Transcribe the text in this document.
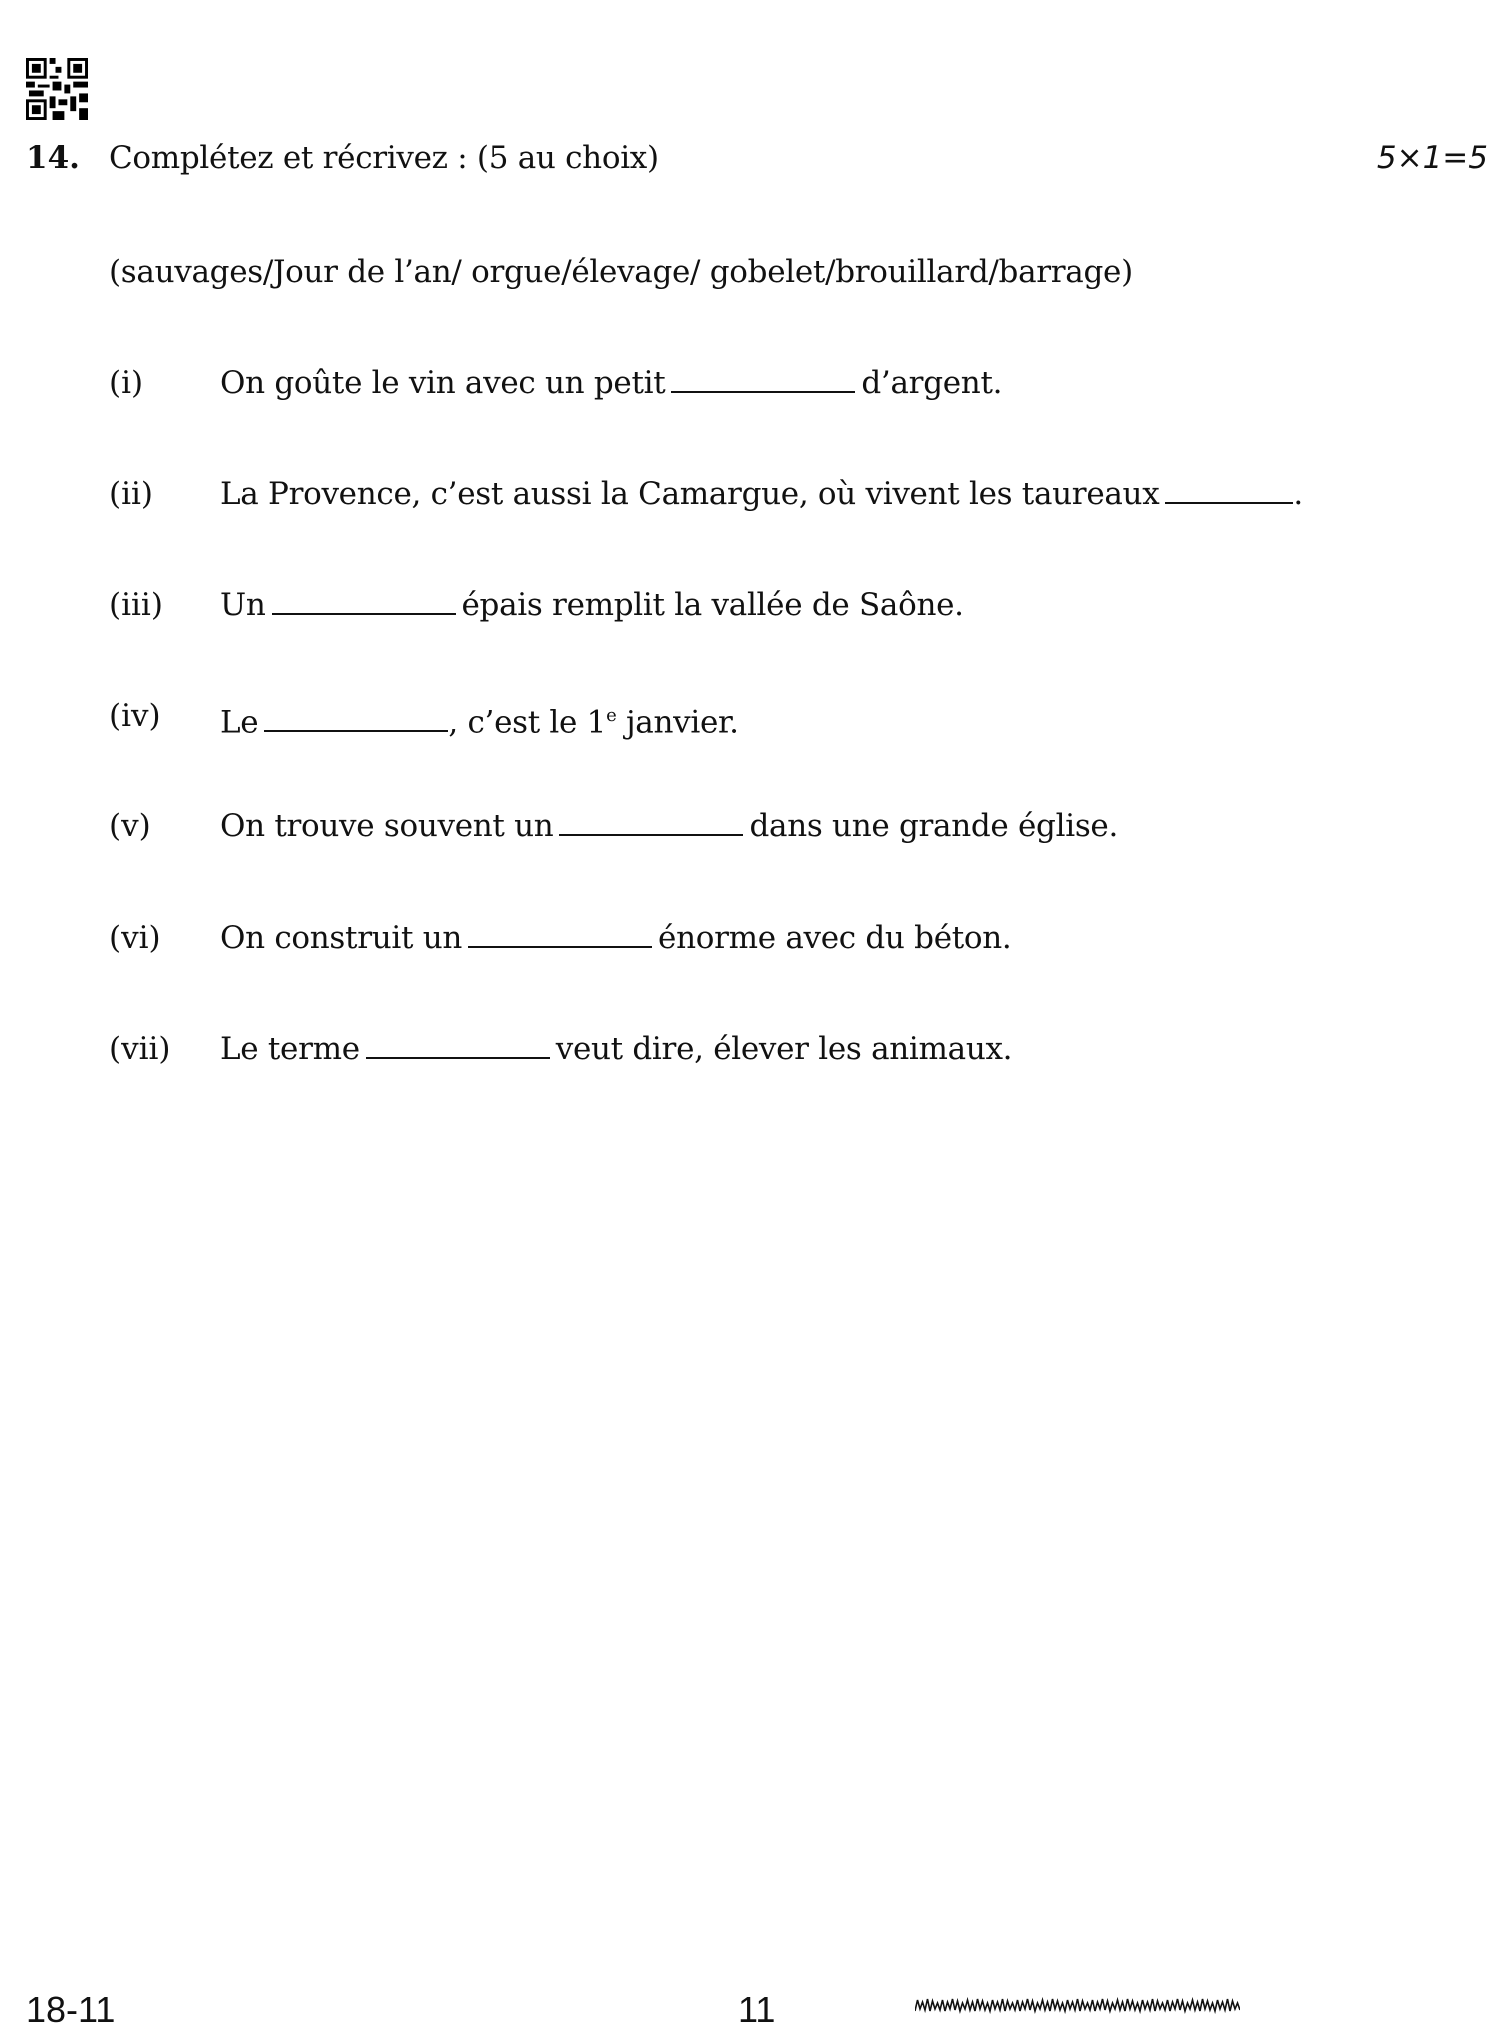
14. Complétez et récrivez : (5 au choix)	5×1=5
(sauvages/Jour de l’an/ orgue/élevage/ gobelet/brouillard/barrage)
(i) On goûte le vin avec un petit	d’argent.
(ii) La Provence, c’est aussi la Camargue, où vivent les taureaux	.
(iii) Un	épais remplit la vallée de Saône.
(iv) Le	, c’est le 1e janvier.
(v) On trouve souvent un	dans une grande église.
(vi) On construit un	énorme avec du béton.
(vii) Le terme	veut dire, élever les animaux.
18-11	11
